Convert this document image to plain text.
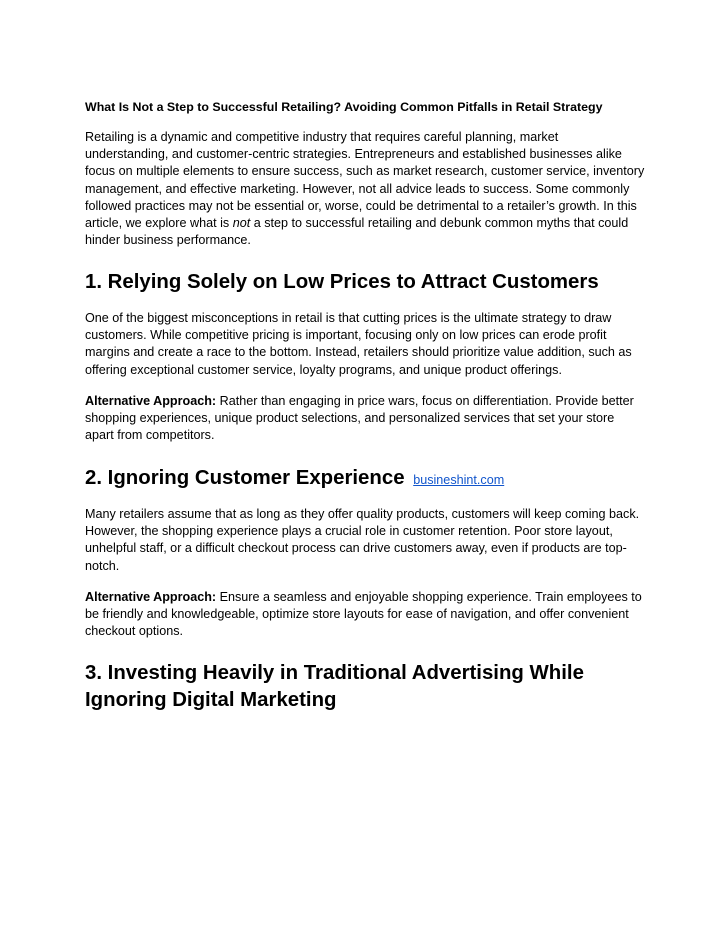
What Is Not a Step to Successful Retailing? Avoiding Common Pitfalls in Retail Strategy

Retailing is a dynamic and competitive industry that requires careful planning, market understanding, and customer-centric strategies. Entrepreneurs and established businesses alike focus on multiple elements to ensure success, such as market research, customer service, inventory management, and effective marketing. However, not all advice leads to success. Some commonly followed practices may not be essential or, worse, could be detrimental to a retailer’s growth. In this article, we explore what is not a step to successful retailing and debunk common myths that could hinder business performance.

1. Relying Solely on Low Prices to Attract Customers

One of the biggest misconceptions in retail is that cutting prices is the ultimate strategy to draw customers. While competitive pricing is important, focusing only on low prices can erode profit margins and create a race to the bottom. Instead, retailers should prioritize value addition, such as offering exceptional customer service, loyalty programs, and unique product offerings.

Alternative Approach: Rather than engaging in price wars, focus on differentiation. Provide better shopping experiences, unique product selections, and personalized services that set your store apart from competitors.

2. Ignoring Customer Experience busineshint.com

Many retailers assume that as long as they offer quality products, customers will keep coming back. However, the shopping experience plays a crucial role in customer retention. Poor store layout, unhelpful staff, or a difficult checkout process can drive customers away, even if products are top-notch.

Alternative Approach: Ensure a seamless and enjoyable shopping experience. Train employees to be friendly and knowledgeable, optimize store layouts for ease of navigation, and offer convenient checkout options.

3. Investing Heavily in Traditional Advertising While Ignoring Digital Marketing
